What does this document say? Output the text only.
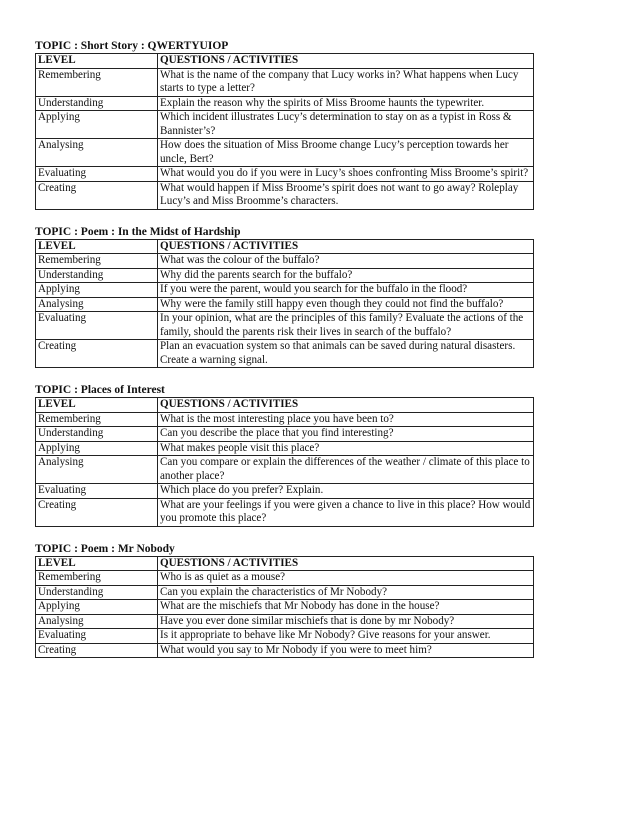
TOPIC : Short Story : QWERTYUIOP
LEVEL	QUESTIONS / ACTIVITIES
Remembering	What is the name of the company that Lucy works in? What happens when Lucy starts to type a letter?
Understanding	Explain the reason why the spirits of Miss Broome haunts the typewriter.
Applying	Which incident illustrates Lucy’s determination to stay on as a typist in Ross & Bannister’s?
Analysing	How does the situation of Miss Broome change Lucy’s perception towards her uncle, Bert?
Evaluating	What would you do if you were in Lucy’s shoes confronting Miss Broome’s spirit?
Creating	What would happen if Miss Broome’s spirit does not want to go away? Roleplay Lucy’s and Miss Broomme’s characters.
TOPIC : Poem : In the Midst of Hardship
LEVEL	QUESTIONS / ACTIVITIES
Remembering	What was the colour of the buffalo?
Understanding	Why did the parents search for the buffalo?
Applying	If you were the parent, would you search for the buffalo in the flood?
Analysing	Why were the family still happy even though they could not find the buffalo?
Evaluating	In your opinion, what are the principles of this family? Evaluate the actions of the family, should the parents risk their lives in search of the buffalo?
Creating	Plan an evacuation system so that animals can be saved during natural disasters. Create a warning signal.
TOPIC : Places of Interest
LEVEL	QUESTIONS / ACTIVITIES
Remembering	What is the most interesting place you have been to?
Understanding	Can you describe the place that you find interesting?
Applying	What makes people visit this place?
Analysing	Can you compare or explain the differences of the weather / climate of this place to another place?
Evaluating	Which place do you prefer? Explain.
Creating	What are your feelings if you were given a chance to live in this place? How would you promote this place?
TOPIC : Poem : Mr Nobody
LEVEL	QUESTIONS / ACTIVITIES
Remembering	Who is as quiet as a mouse?
Understanding	Can you explain the characteristics of Mr Nobody?
Applying	What are the mischiefs that Mr Nobody has done in the house?
Analysing	Have you ever done similar mischiefs that is done by mr Nobody?
Evaluating	Is it appropriate to behave like Mr Nobody? Give reasons for your answer.
Creating	What would you say to Mr Nobody if you were to meet him?
